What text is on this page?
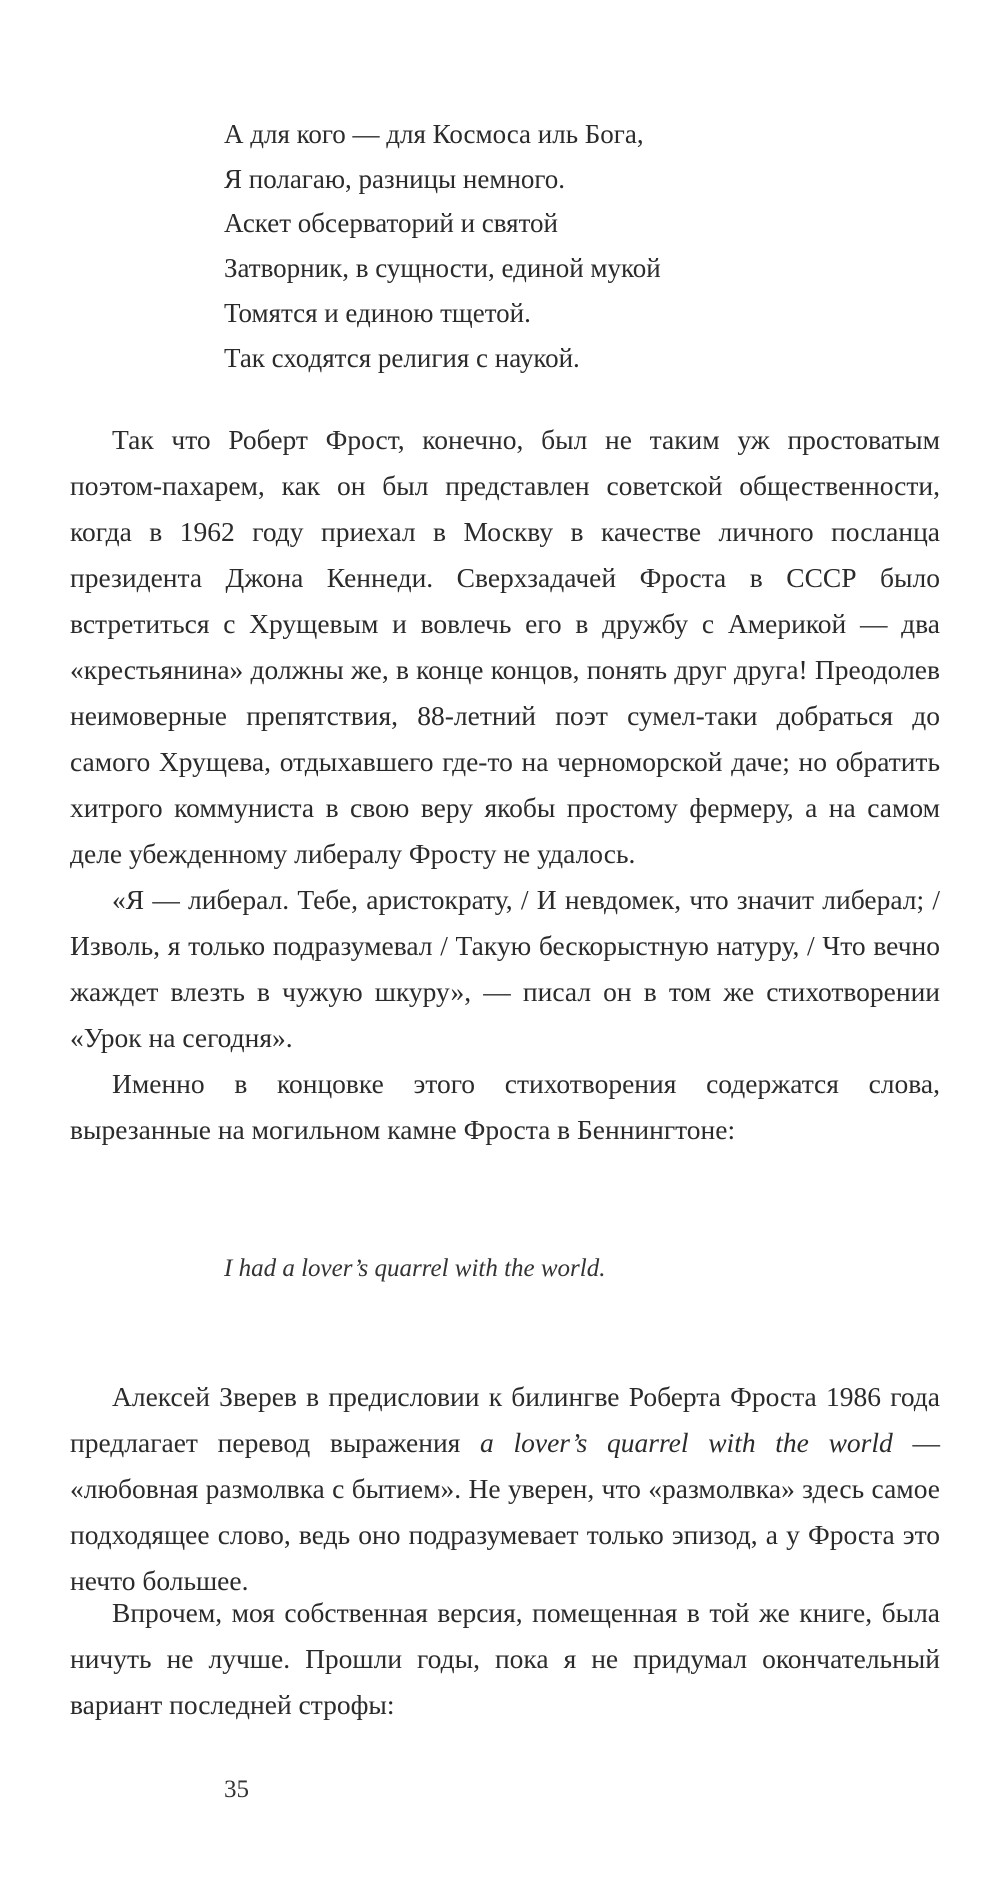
А для кого — для Космоса иль Бога,
Я полагаю, разницы немного.
Аскет обсерваторий и святой
Затворник, в сущности, единой мукой
Томятся и единою тщетой.
Так сходятся религия с наукой.

Так что Роберт Фрост, конечно, был не таким уж простоватым поэтом-пахарем, как он был представлен советской общественности, когда в 1962 году приехал в Москву в качестве личного посланца президента Джона Кеннеди. Сверхзадачей Фроста в СССР было встретиться с Хрущевым и вовлечь его в дружбу с Америкой — два «крестьянина» должны же, в конце концов, понять друг друга! Преодолев неимоверные препятствия, 88-летний поэт сумел-таки добраться до самого Хрущева, отдыхавшего где-то на черноморской даче; но обратить хитрого коммуниста в свою веру якобы простому фермеру, а на самом деле убежденному либералу Фросту не удалось.

«Я — либерал. Тебе, аристократу, / И невдомек, что значит либерал; / Изволь, я только подразумевал / Такую бескорыстную натуру, / Что вечно жаждет влезть в чужую шкуру», — писал он в том же стихотворении «Урок на сегодня».

Именно в концовке этого стихотворения содержатся слова, вырезанные на могильном камне Фроста в Беннингтоне:

I had a lover’s quarrel with the world.

Алексей Зверев в предисловии к билингве Роберта Фроста 1986 года предлагает перевод выражения a lover’s quarrel with the world — «любовная размолвка с бытием». Не уверен, что «размолвка» здесь самое подходящее слово, ведь оно подразумевает только эпизод, а у Фроста это нечто большее.

Впрочем, моя собственная версия, помещенная в той же книге, была ничуть не лучше. Прошли годы, пока я не придумал окончательный вариант последней строфы:

35
